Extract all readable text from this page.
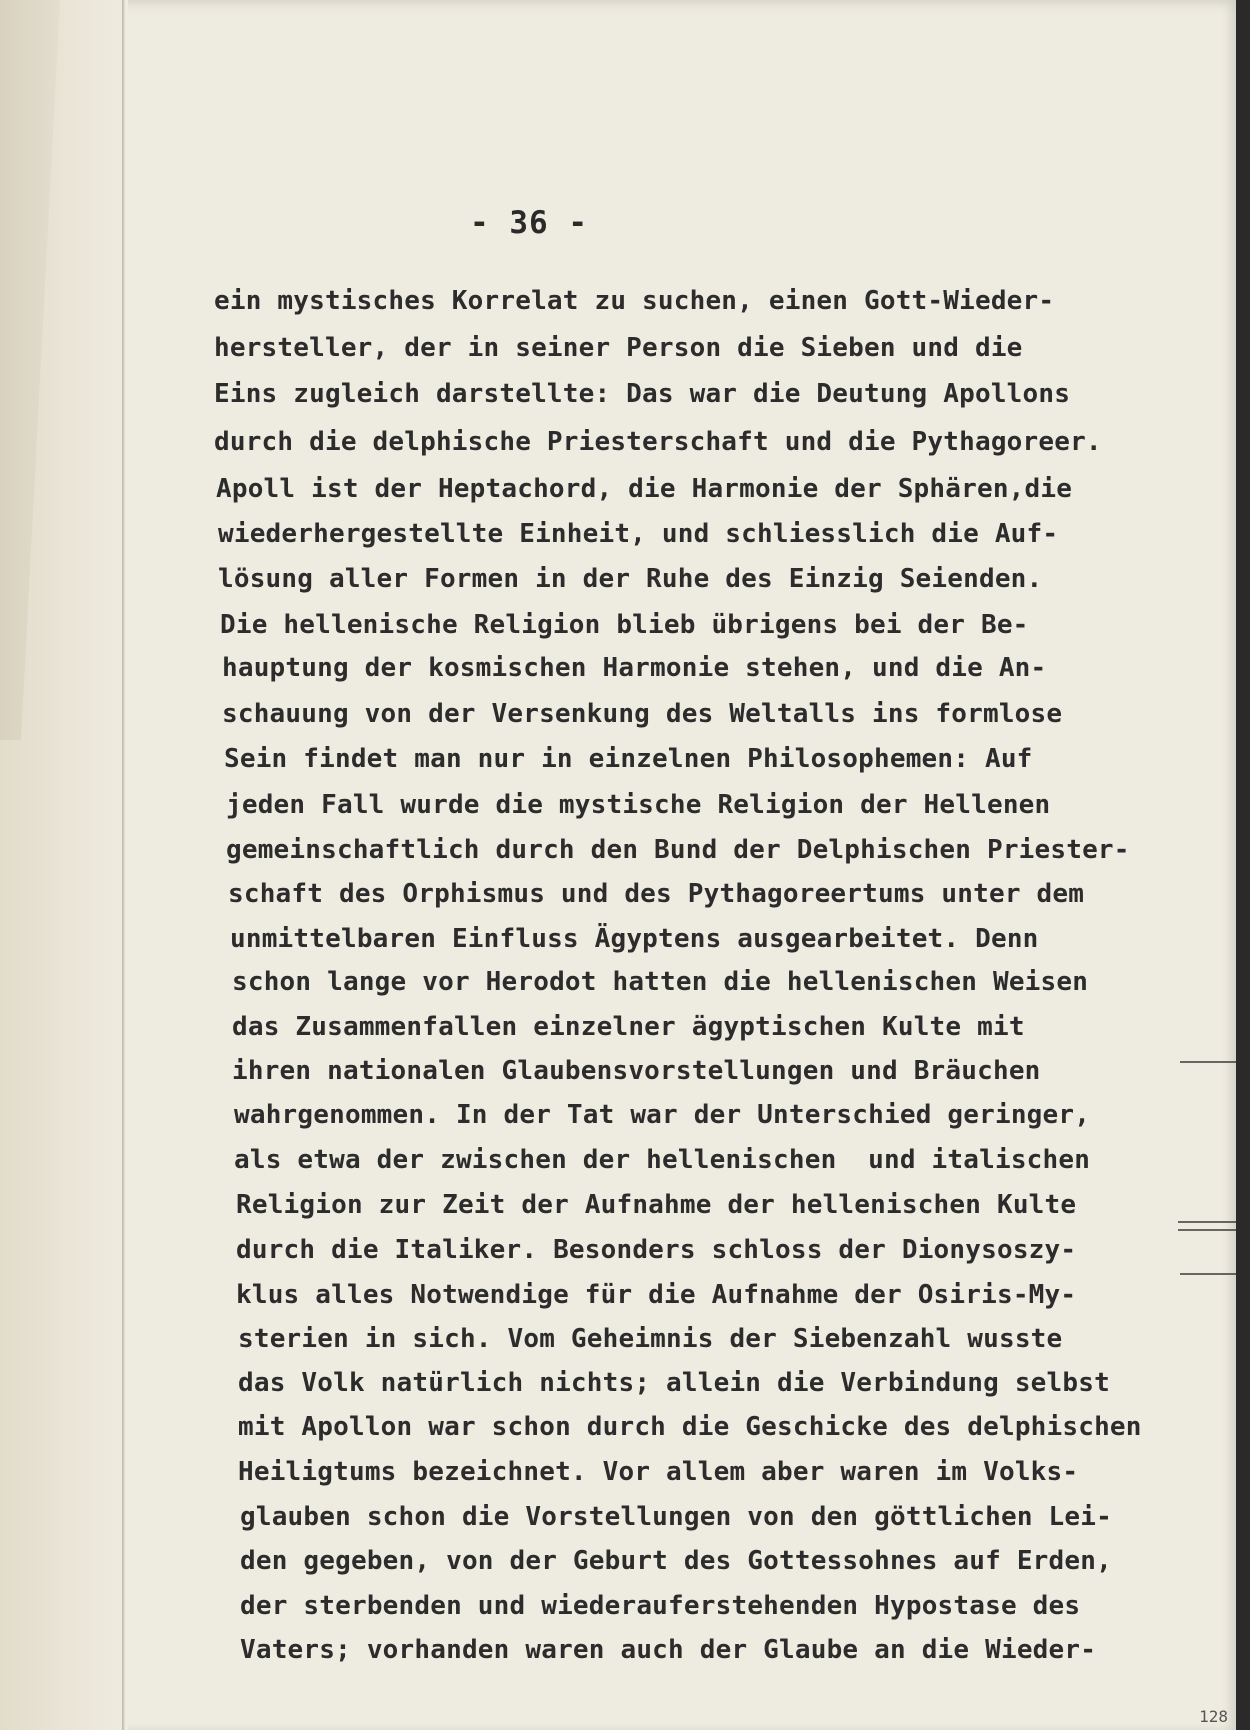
- 36 -
ein mystisches Korrelat zu suchen, einen Gott-Wieder-
hersteller, der in seiner Person die Sieben und die
Eins zugleich darstellte: Das war die Deutung Apollons
durch die delphische Priesterschaft und die Pythagoreer.
Apoll ist der Heptachord, die Harmonie der Sphären,die
wiederhergestellte Einheit, und schliesslich die Auf-
lösung aller Formen in der Ruhe des Einzig Seienden.
Die hellenische Religion blieb übrigens bei der Be-
hauptung der kosmischen Harmonie stehen, und die An-
schauung von der Versenkung des Weltalls ins formlose
Sein findet man nur in einzelnen Philosophemen: Auf
jeden Fall wurde die mystische Religion der Hellenen
gemeinschaftlich durch den Bund der Delphischen Priester-
schaft des Orphismus und des Pythagoreertums unter dem
unmittelbaren Einfluss Ägyptens ausgearbeitet. Denn
schon lange vor Herodot hatten die hellenischen Weisen
das Zusammenfallen einzelner ägyptischen Kulte mit
ihren nationalen Glaubensvorstellungen und Bräuchen
wahrgenommen. In der Tat war der Unterschied geringer,
als etwa der zwischen der hellenischen  und italischen
Religion zur Zeit der Aufnahme der hellenischen Kulte
durch die Italiker. Besonders schloss der Dionysoszy-
klus alles Notwendige für die Aufnahme der Osiris-My-
sterien in sich. Vom Geheimnis der Siebenzahl wusste
das Volk natürlich nichts; allein die Verbindung selbst
mit Apollon war schon durch die Geschicke des delphischen
Heiligtums bezeichnet. Vor allem aber waren im Volks-
glauben schon die Vorstellungen von den göttlichen Lei-
den gegeben, von der Geburt des Gottessohnes auf Erden,
der sterbenden und wiederauferstehenden Hypostase des
Vaters; vorhanden waren auch der Glaube an die Wieder-
128
